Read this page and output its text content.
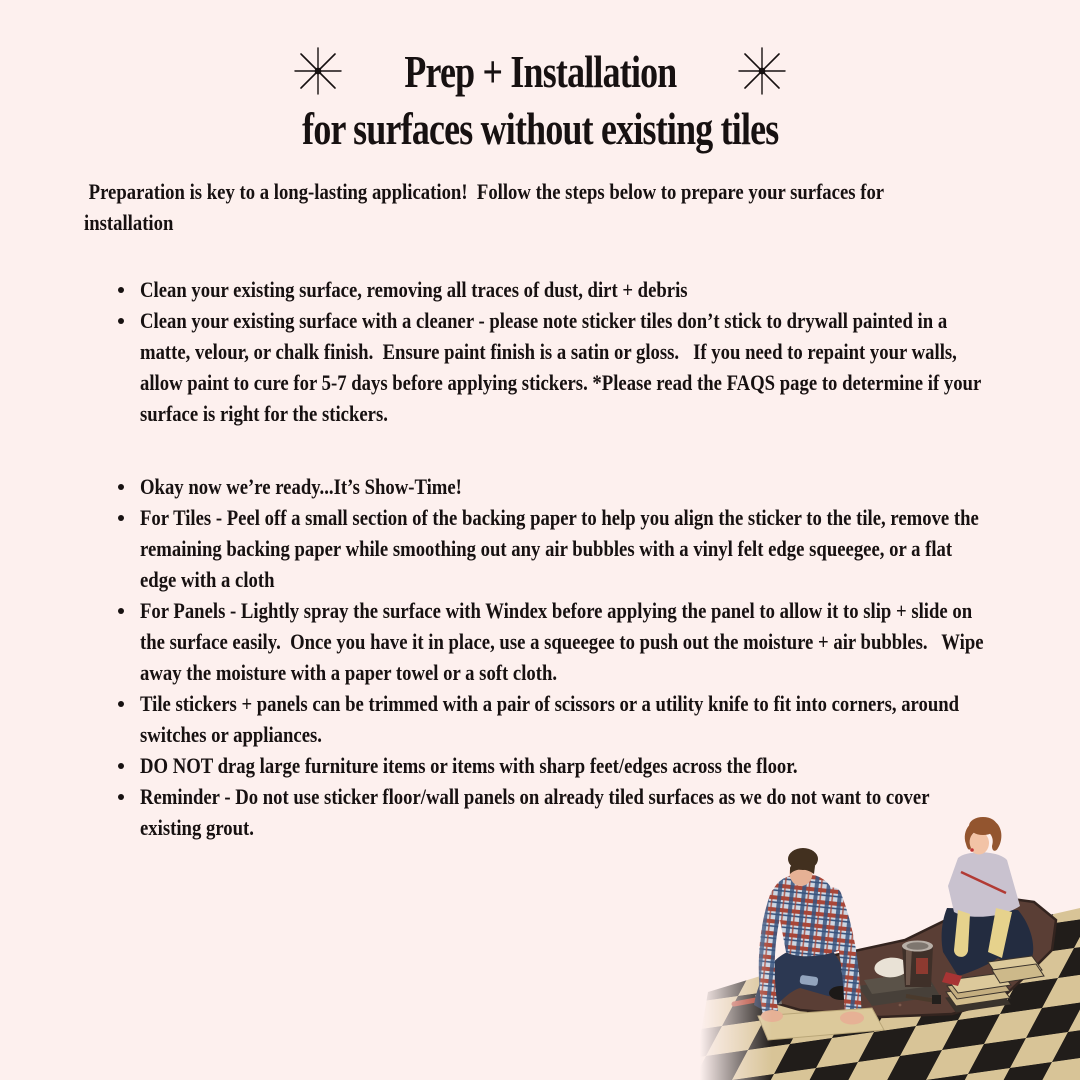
Prep + Installation
for surfaces without existing tiles

Preparation is key to a long-lasting application!  Follow the steps below to prepare your surfaces for installation

Clean your existing surface, removing all traces of dust, dirt + debris
Clean your existing surface with a cleaner - please note sticker tiles don’t stick to drywall painted in a matte, velour, or chalk finish.  Ensure paint finish is a satin or gloss.   If you need to repaint your walls, allow paint to cure for 5-7 days before applying stickers. *Please read the FAQS page to determine if your surface is right for the stickers.
Okay now we’re ready...It’s Show-Time!
For Tiles - Peel off a small section of the backing paper to help you align the sticker to the tile, remove the remaining backing paper while smoothing out any air bubbles with a vinyl felt edge squeegee, or a flat edge with a cloth
For Panels - Lightly spray the surface with Windex before applying the panel to allow it to slip + slide on the surface easily.  Once you have it in place, use a squeegee to push out the moisture + air bubbles.   Wipe away the moisture with a paper towel or a soft cloth.
Tile stickers + panels can be trimmed with a pair of scissors or a utility knife to fit into corners, around switches or appliances.
DO NOT drag large furniture items or items with sharp feet/edges across the floor.
Reminder - Do not use sticker floor/wall panels on already tiled surfaces as we do not want to cover existing grout.
